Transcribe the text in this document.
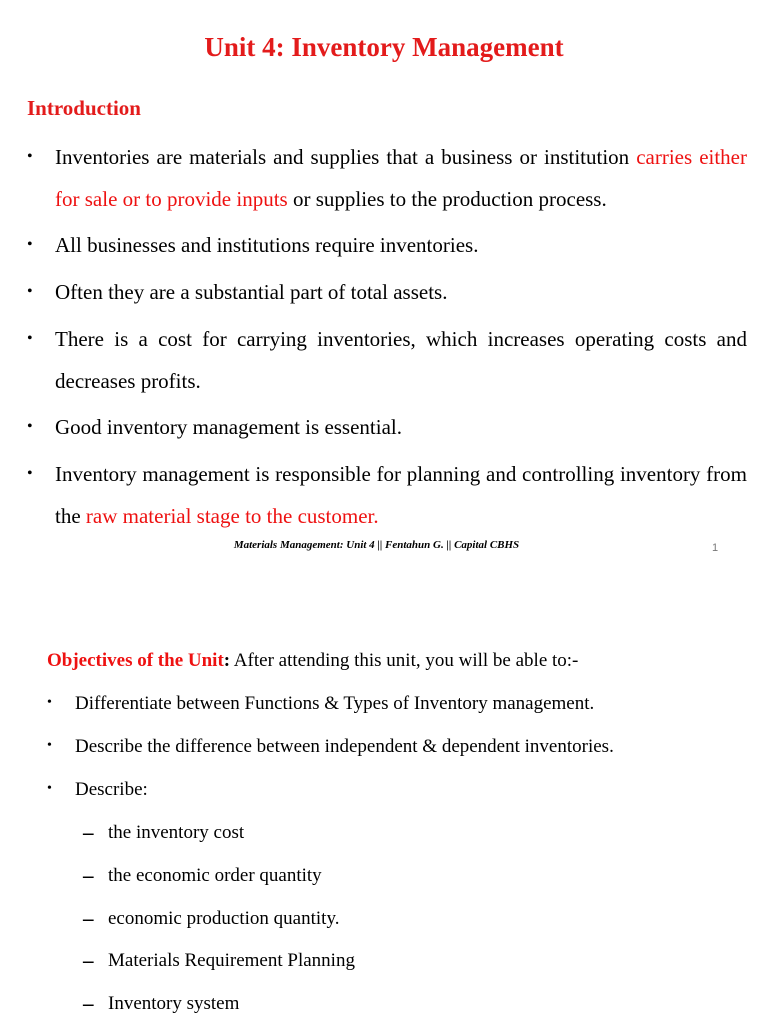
Unit 4: Inventory Management
Introduction
•	Inventories are materials and supplies that a business or institution carries either for sale or to provide inputs or supplies to the production process.
•	All businesses and institutions require inventories.
•	Often they are a substantial part of total assets.
•	There is a cost for carrying inventories, which increases operating costs and decreases profits.
•	Good inventory management is essential.
•	Inventory management is responsible for planning and controlling inventory from the raw material stage to the customer.
Materials Management: Unit 4 || Fentahun G. || Capital CBHS	1
Objectives of the Unit: After attending this unit, you will be able to:-
• Differentiate between Functions & Types of Inventory management.
• Describe the difference between independent & dependent inventories.
• Describe:
– the inventory cost
– the economic order quantity
– economic production quantity.
– Materials Requirement Planning
– Inventory system
